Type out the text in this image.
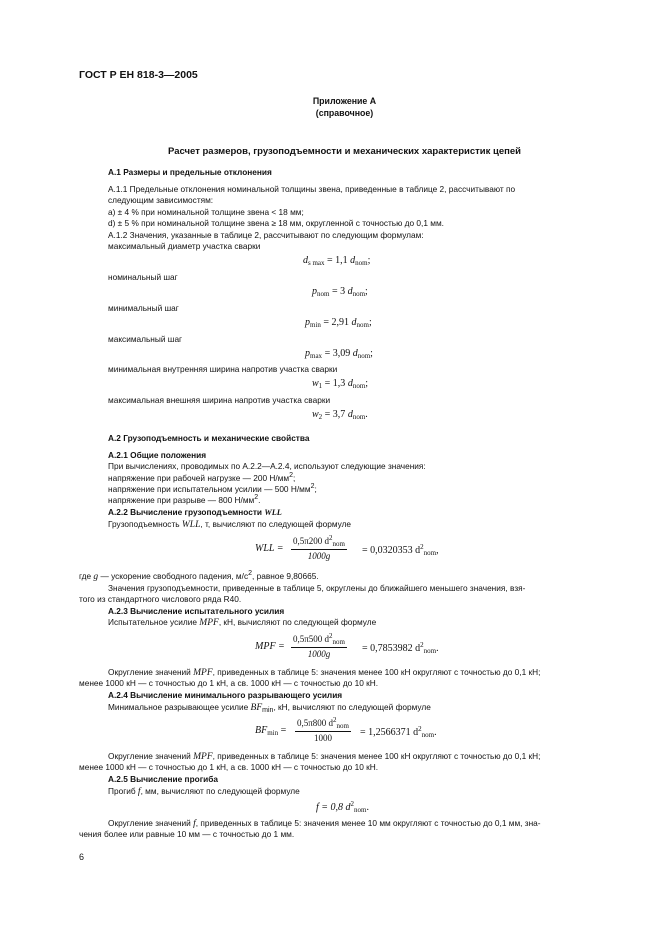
ГОСТ Р ЕН 818-3—2005
Приложение А
(справочное)
Расчет размеров, грузоподъемности и механических характеристик цепей
А.1 Размеры и предельные отклонения
А.1.1 Предельные отклонения номинальной толщины звена, приведенные в таблице 2, рассчитывают по
следующим зависимостям:
а) ± 4 % при номинальной толщине звена < 18 мм;
d) ± 5 % при номинальной толщине звена ≥ 18 мм, округленной с точностью до 0,1 мм.
А.1.2 Значения, указанные в таблице 2, рассчитывают по следующим формулам:
максимальный диаметр участка сварки
$d_{s max} = 1,1$ $d_{nom}$;
номинальный шаг
$p_{nom} = 3$ $d_{nom}$;
минимальный шаг
$p_{min} = 2,91$ $d_{nom}$;
максимальный шаг
$p_{max} = 3,09$ $d_{nom}$;
минимальная внутренняя ширина напротив участка сварки
$w_1 = 1,3$ $d_{nom}$;
максимальная внешняя ширина напротив участка сварки
$w_2 = 3,7$ $d_{nom}$.
А.2 Грузоподъемность и механические свойства
А.2.1 Общие положения
При вычислениях, проводимых по А.2.2—А.2.4, используют следующие значения:
напряжение при рабочей нагрузке — 200 $Н/мм^2$;
напряжение при испытательном усилии — 500 $Н/мм^2$;
напряжение при разрыве — 800 $Н/мм^2$.
А.2.2 Вычисление грузоподъемности WLL
Грузоподъемность WLL, т, вычисляют по следующей формуле
WLL =
0,5π200 $d^2_{nom}$
1000g	= 0,0320353 $d^2_{nom}$,
где g — ускорение свободного падения, $м/с^2$, равное 9,80665.
Значения грузоподъемности, приведенные в таблице 5, округлены до ближайшего меньшего значения, взя-
того из стандартного числового ряда R40.
А.2.3 Вычисление испытательного усилия
Испытательное усилие MPF, кН, вычисляют по следующей формуле
MPF =
0,5π500 $d^2_{nom}$
1000g	= 0,7853982 $d^2_{nom}$.
Округление значений MPF, приведенных в таблице 5: значения менее 100 кН округляют с точностью до 0,1 кН;
менее 1000 кН — с точностью до 1 кН, а св. 1000 кН — с точностью до 10 кН.
А.2.4 Вычисление минимального разрывающего усилия
Минимальное разрывающее усилие $BF_{min}$, кН, вычисляют по следующей формуле
$BF_{min}$ =
0,5π800 $d^2_{nom}$
1000	= 1,2566371 $d^2_{nom}$.
Округление значений MPF, приведенных в таблице 5: значения менее 100 кН округляют с точностью до 0,1 кН;
менее 1000 кН — с точностью до 1 кН, а св. 1000 кН — с точностью до 10 кН.
А.2.5 Вычисление прогиба
Прогиб f, мм, вычисляют по следующей формуле
f = 0,8 $d^2_{nom}$.
Округление значений f, приведенных в таблице 5: значения менее 10 мм округляют с точностью до 0,1 мм, зна-
чения более или равные 10 мм — с точностью до 1 мм.
6
